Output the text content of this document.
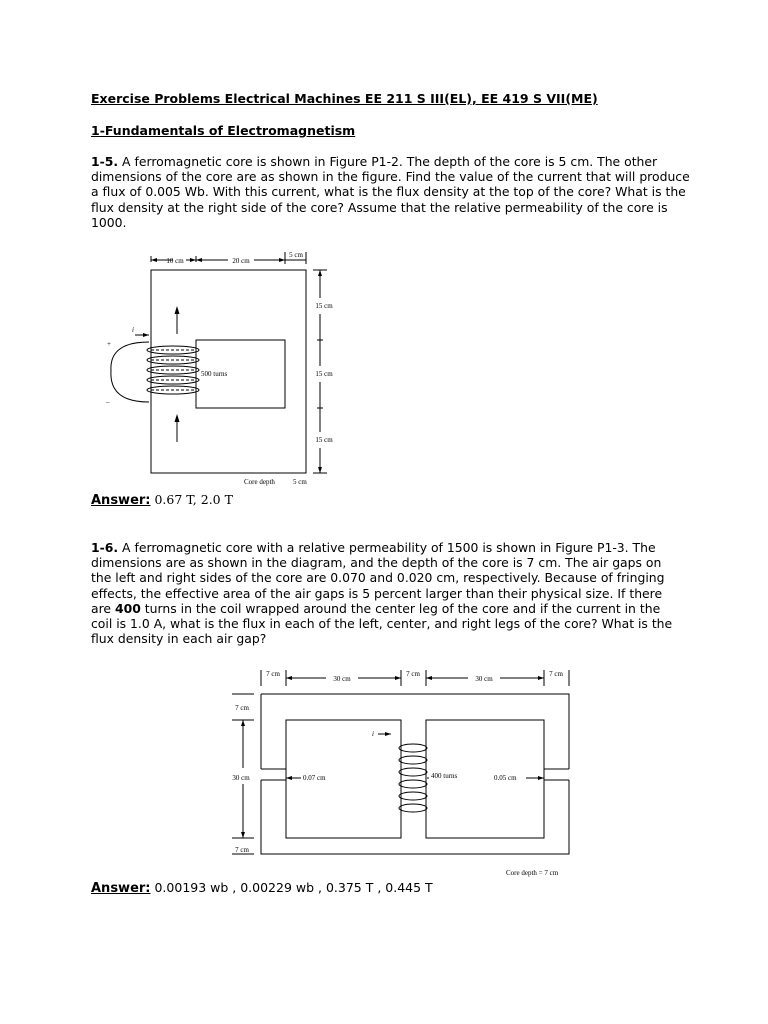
Exercise Problems Electrical Machines EE 211 S III(EL), EE 419 S VII(ME)
1-Fundamentals of Electromagnetism
1-5. A ferromagnetic core is shown in Figure P1-2. The depth of the core is 5 cm. The other dimensions of the core are as shown in the figure. Find the value of the current that will produce a flux of 0.005 Wb. With this current, what is the flux density at the top of the core? What is the flux density at the right side of the core? Assume that the relative permeability of the core is 1000.
10 cm	20 cm
5 cm
15 cm
15 cm
15 cm
i
500 turns
+
–
Core depth	5 cm
Answer: 0.67 T, 2.0 T
1-6. A ferromagnetic core with a relative permeability of 1500 is shown in Figure P1-3. The dimensions are as shown in the diagram, and the depth of the core is 7 cm. The air gaps on the left and right sides of the core are 0.070 and 0.020 cm, respectively. Because of fringing effects, the effective area of the air gaps is 5 percent larger than their physical size. If there are 400 turns in the coil wrapped around the center leg of the core and if the current in the coil is 1.0 A, what is the flux in each of the left, center, and right legs of the core? What is the flux density in each air gap?
7 cm
30 cm
7 cm
30 cm
7 cm
7 cm
30 cm
7 cm
i
400 turns
0.07 cm	0.05 cm
Core depth = 7 cm
Answer: 0.00193 wb , 0.00229 wb , 0.375 T , 0.445 T
